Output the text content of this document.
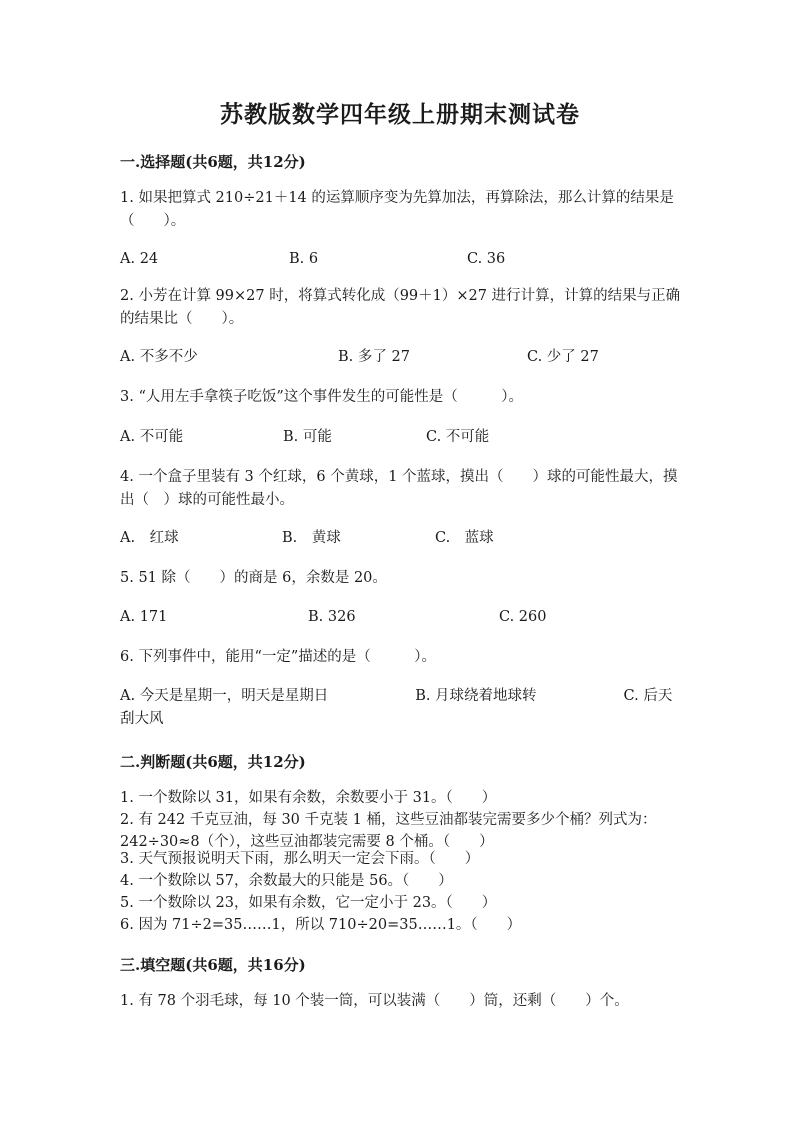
苏教版数学四年级上册期末测试卷
一.选择题(共6题，共12分)
1. 如果把算式 210÷21＋14 的运算顺序变为先算加法，再算除法，那么计算的结果是（　　）。
A. 24	B. 6	C. 36
2. 小芳在计算 99×27 时，将算式转化成（99＋1）×27 进行计算，计算的结果与正确的结果比（　　）。
A. 不多不少	B. 多了 27	C. 少了 27
3. “人用左手拿筷子吃饭”这个事件发生的可能性是（　　　）。
A. 不可能	B. 可能	C. 不可能
4. 一个盒子里装有 3 个红球，6 个黄球，1 个蓝球，摸出（　　）球的可能性最大，摸出（　）球的可能性最小。
A.　红球	B.　黄球	C.　蓝球
5. 51 除（　　）的商是 6，余数是 20。
A. 171	B. 326	C. 260
6. 下列事件中，能用“一定”描述的是（　　　）。
A. 今天是星期一，明天是星期日　　　　　　B. 月球绕着地球转　　　　　　C. 后天刮大风
二.判断题(共6题，共12分)
1. 一个数除以 31，如果有余数，余数要小于 31。（　　）
2. 有 242 千克豆油，每 30 千克装 1 桶，这些豆油都装完需要多少个桶？列式为：242÷30≈8（个），这些豆油都装完需要 8 个桶。（　　）
3. 天气预报说明天下雨，那么明天一定会下雨。（　　）
4. 一个数除以 57，余数最大的只能是 56。（　　）
5. 一个数除以 23，如果有余数，它一定小于 23。（　　）
6. 因为 71÷2=35……1，所以 710÷20=35……1。（　　）
三.填空题(共6题，共16分)
1. 有 78 个羽毛球，每 10 个装一筒，可以装满（　　）筒，还剩（　　）个。
